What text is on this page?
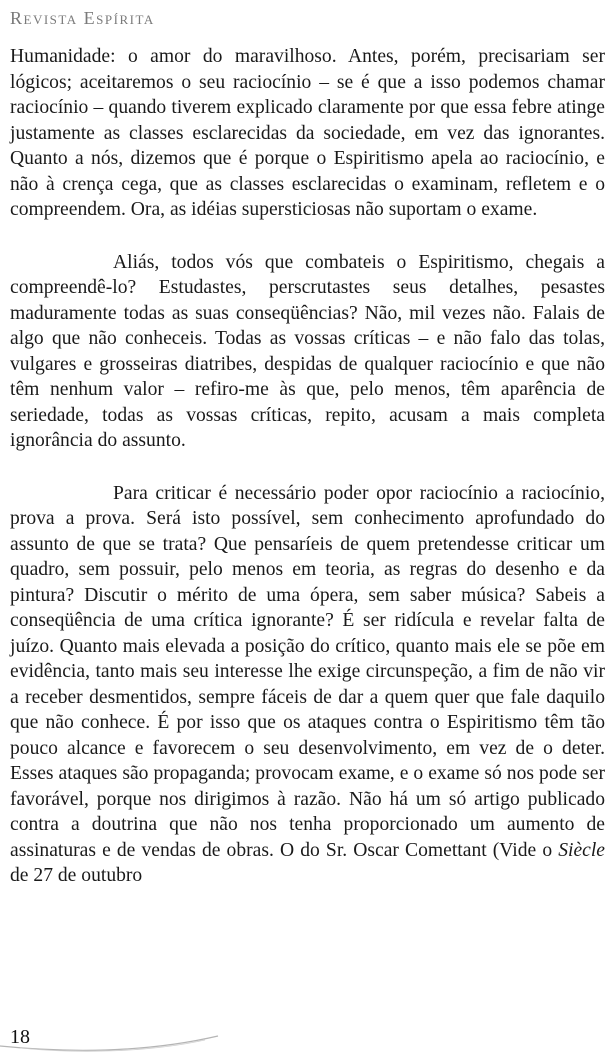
Revista Espírita

Humanidade: o amor do maravilhoso. Antes, porém, precisariam ser lógicos; aceitaremos o seu raciocínio – se é que a isso podemos chamar raciocínio – quando tiverem explicado claramente por que essa febre atinge justamente as classes esclarecidas da sociedade, em vez das ignorantes. Quanto a nós, dizemos que é porque o Espiritismo apela ao raciocínio, e não à crença cega, que as classes esclarecidas o examinam, refletem e o compreendem. Ora, as idéias supersticiosas não suportam o exame.

Aliás, todos vós que combateis o Espiritismo, chegais a compreendê-lo? Estudastes, perscrutastes seus detalhes, pesastes maduramente todas as suas conseqüências? Não, mil vezes não. Falais de algo que não conheceis. Todas as vossas críticas – e não falo das tolas, vulgares e grosseiras diatribes, despidas de qualquer raciocínio e que não têm nenhum valor – refiro-me às que, pelo menos, têm aparência de seriedade, todas as vossas críticas, repito, acusam a mais completa ignorância do assunto.

Para criticar é necessário poder opor raciocínio a raciocínio, prova a prova. Será isto possível, sem conhecimento aprofundado do assunto de que se trata? Que pensaríeis de quem pretendesse criticar um quadro, sem possuir, pelo menos em teoria, as regras do desenho e da pintura? Discutir o mérito de uma ópera, sem saber música? Sabeis a conseqüência de uma crítica ignorante? É ser ridícula e revelar falta de juízo. Quanto mais elevada a posição do crítico, quanto mais ele se põe em evidência, tanto mais seu interesse lhe exige circunspeção, a fim de não vir a receber desmentidos, sempre fáceis de dar a quem quer que fale daquilo que não conhece. É por isso que os ataques contra o Espiritismo têm tão pouco alcance e favorecem o seu desenvolvimento, em vez de o deter. Esses ataques são propaganda; provocam exame, e o exame só nos pode ser favorável, porque nos dirigimos à razão. Não há um só artigo publicado contra a doutrina que não nos tenha proporcionado um aumento de assinaturas e de vendas de obras. O do Sr. Oscar Comettant (Vide o Siècle de 27 de outubro

18
